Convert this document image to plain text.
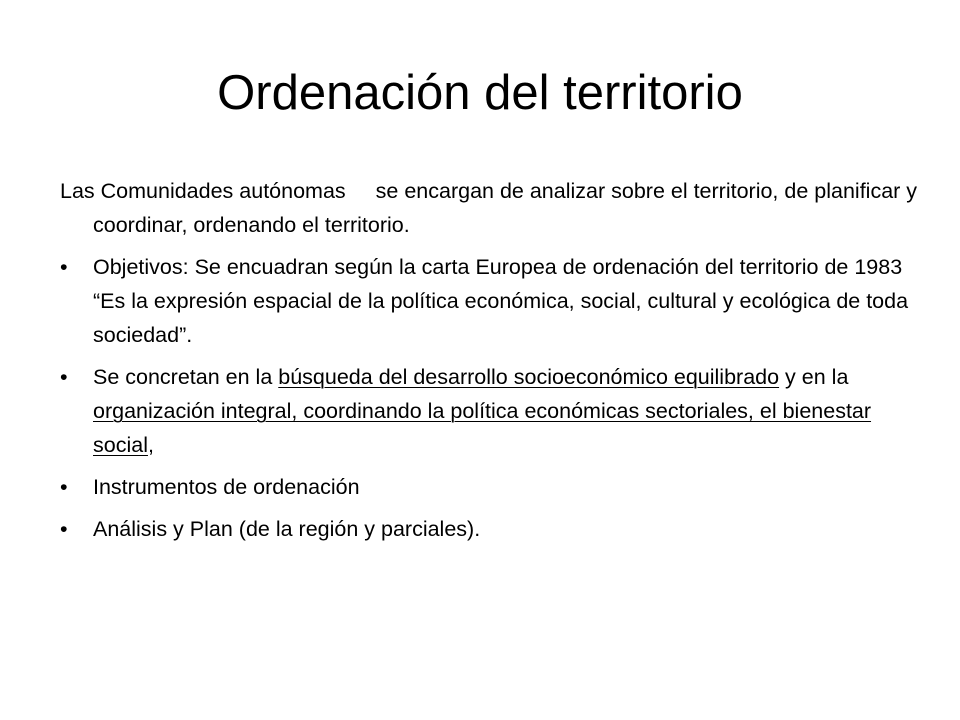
Ordenación del territorio

Las Comunidades autónomas se encargan de analizar sobre el territorio, de planificar y coordinar, ordenando el territorio.

• Objetivos: Se encuadran según la carta Europea de ordenación del territorio de 1983 “Es la expresión espacial de la política económica, social, cultural y ecológica de toda sociedad”.

• Se concretan en la búsqueda del desarrollo socioeconómico equilibrado y en la organización integral, coordinando la política económicas sectoriales, el bienestar social,

• Instrumentos de ordenación

• Análisis y Plan (de la región y parciales).
